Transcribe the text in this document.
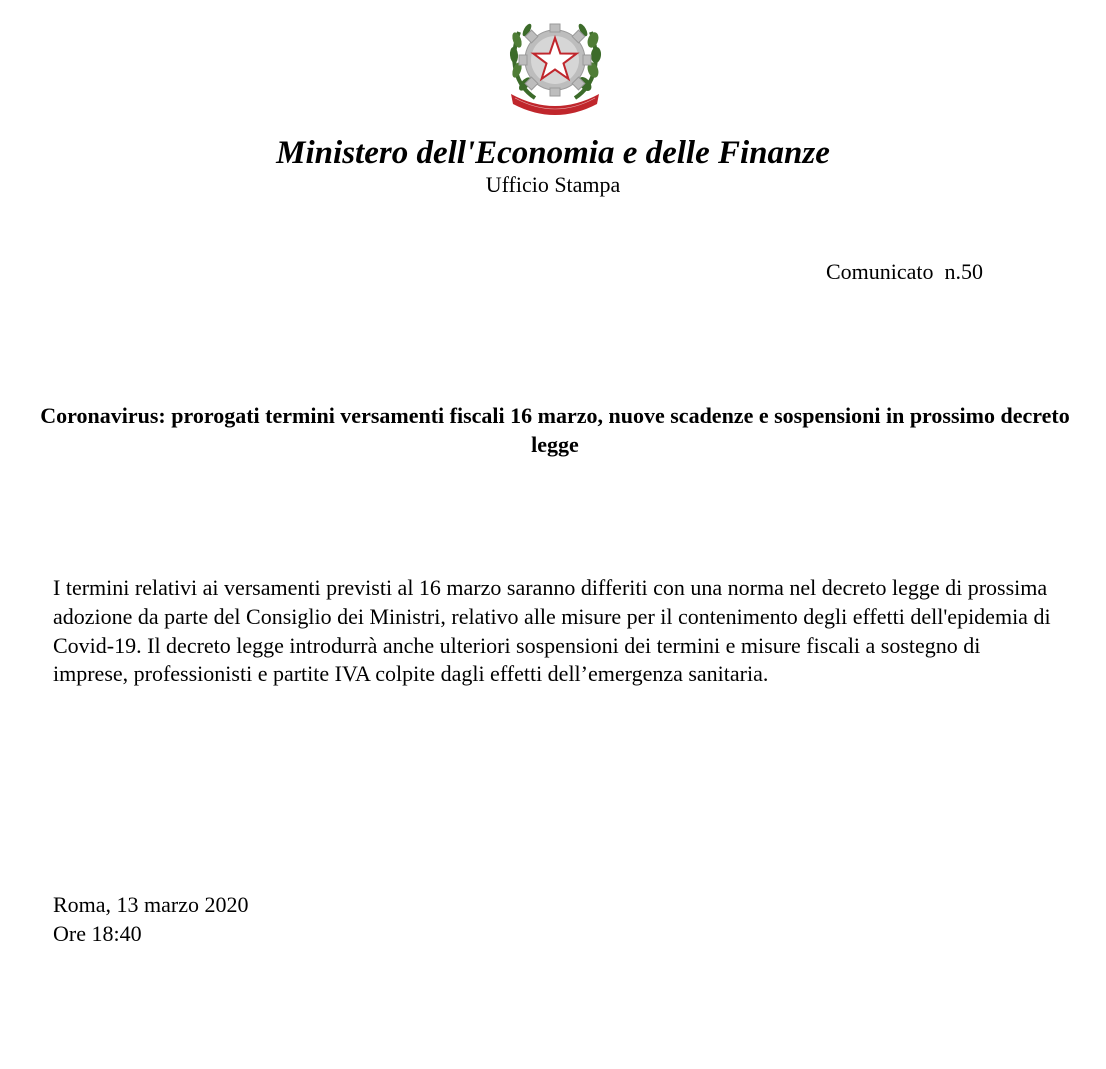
Ministero dell'Economia e delle Finanze
Ufficio Stampa
Comunicato  n.50
Coronavirus: prorogati termini versamenti fiscali 16 marzo, nuove scadenze e sospensioni in prossimo decreto legge

I termini relativi ai versamenti previsti al 16 marzo saranno differiti con una norma nel decreto legge di prossima adozione da parte del Consiglio dei Ministri, relativo alle misure per il contenimento degli effetti dell'epidemia di Covid-19. Il decreto legge introdurrà anche ulteriori sospensioni dei termini e misure fiscali a sostegno di imprese, professionisti e partite IVA colpite dagli effetti dell’emergenza sanitaria.

Roma, 13 marzo 2020
Ore 18:40
